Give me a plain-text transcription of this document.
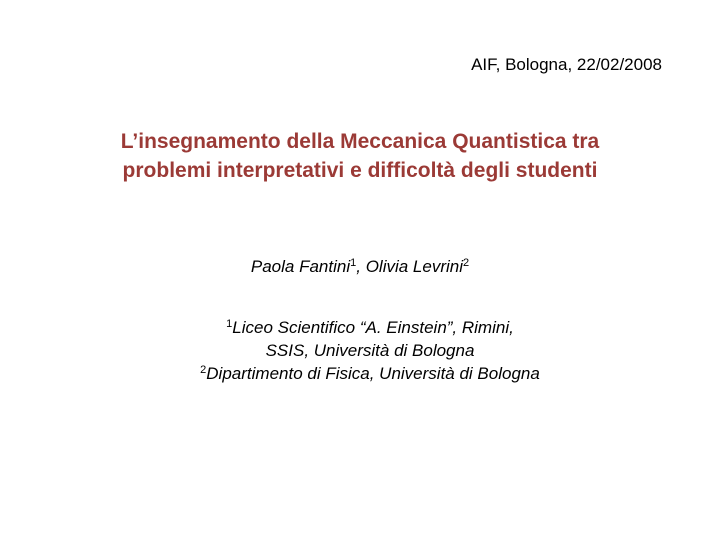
AIF, Bologna, 22/02/2008
L’insegnamento della Meccanica Quantistica tra
problemi interpretativi e difficoltà degli studenti
Paola Fantini$^1$, Olivia Levrini$^2$
$^1$Liceo Scientifico “A. Einstein”, Rimini,
SSIS, Università di Bologna
$^2$Dipartimento di Fisica, Università di Bologna
